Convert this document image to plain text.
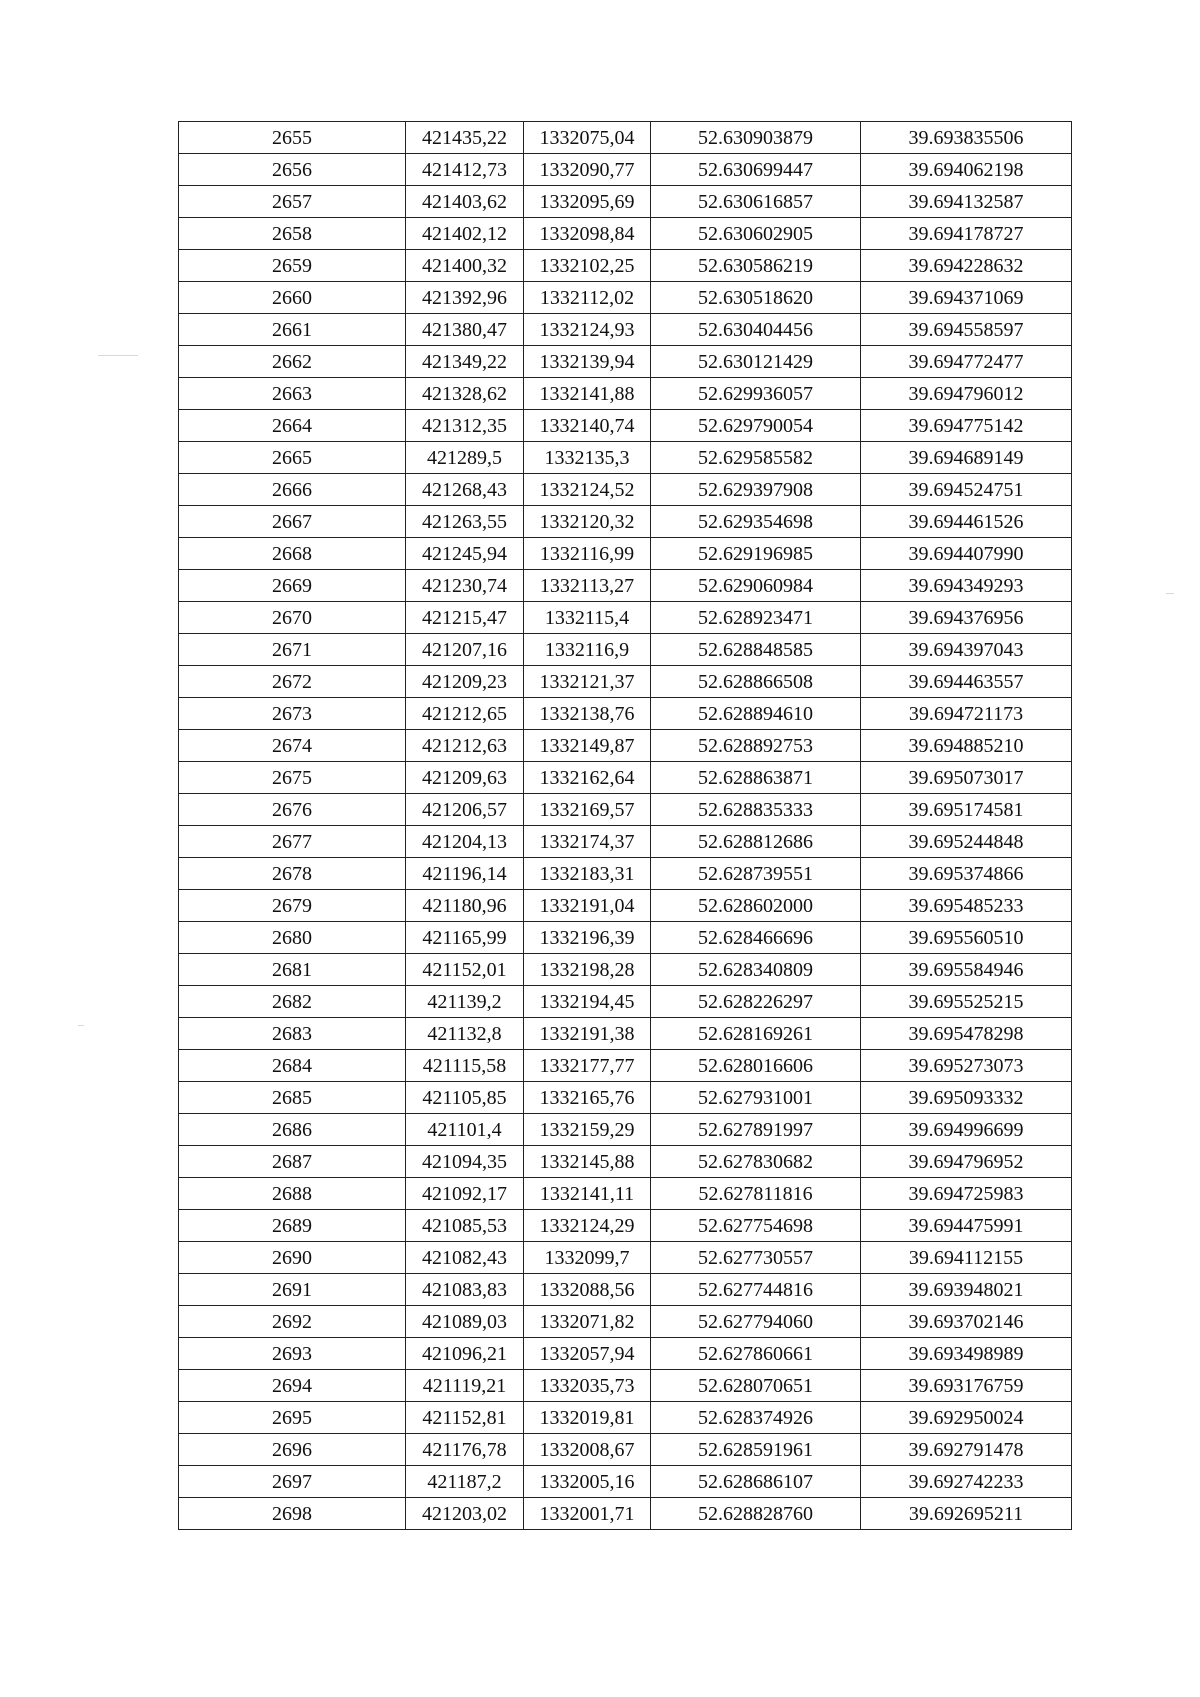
2655	421435,22	1332075,04	52.630903879	39.693835506
2656	421412,73	1332090,77	52.630699447	39.694062198
2657	421403,62	1332095,69	52.630616857	39.694132587
2658	421402,12	1332098,84	52.630602905	39.694178727
2659	421400,32	1332102,25	52.630586219	39.694228632
2660	421392,96	1332112,02	52.630518620	39.694371069
2661	421380,47	1332124,93	52.630404456	39.694558597
2662	421349,22	1332139,94	52.630121429	39.694772477
2663	421328,62	1332141,88	52.629936057	39.694796012
2664	421312,35	1332140,74	52.629790054	39.694775142
2665	421289,5	1332135,3	52.629585582	39.694689149
2666	421268,43	1332124,52	52.629397908	39.694524751
2667	421263,55	1332120,32	52.629354698	39.694461526
2668	421245,94	1332116,99	52.629196985	39.694407990
2669	421230,74	1332113,27	52.629060984	39.694349293
2670	421215,47	1332115,4	52.628923471	39.694376956
2671	421207,16	1332116,9	52.628848585	39.694397043
2672	421209,23	1332121,37	52.628866508	39.694463557
2673	421212,65	1332138,76	52.628894610	39.694721173
2674	421212,63	1332149,87	52.628892753	39.694885210
2675	421209,63	1332162,64	52.628863871	39.695073017
2676	421206,57	1332169,57	52.628835333	39.695174581
2677	421204,13	1332174,37	52.628812686	39.695244848
2678	421196,14	1332183,31	52.628739551	39.695374866
2679	421180,96	1332191,04	52.628602000	39.695485233
2680	421165,99	1332196,39	52.628466696	39.695560510
2681	421152,01	1332198,28	52.628340809	39.695584946
2682	421139,2	1332194,45	52.628226297	39.695525215
2683	421132,8	1332191,38	52.628169261	39.695478298
2684	421115,58	1332177,77	52.628016606	39.695273073
2685	421105,85	1332165,76	52.627931001	39.695093332
2686	421101,4	1332159,29	52.627891997	39.694996699
2687	421094,35	1332145,88	52.627830682	39.694796952
2688	421092,17	1332141,11	52.627811816	39.694725983
2689	421085,53	1332124,29	52.627754698	39.694475991
2690	421082,43	1332099,7	52.627730557	39.694112155
2691	421083,83	1332088,56	52.627744816	39.693948021
2692	421089,03	1332071,82	52.627794060	39.693702146
2693	421096,21	1332057,94	52.627860661	39.693498989
2694	421119,21	1332035,73	52.628070651	39.693176759
2695	421152,81	1332019,81	52.628374926	39.692950024
2696	421176,78	1332008,67	52.628591961	39.692791478
2697	421187,2	1332005,16	52.628686107	39.692742233
2698	421203,02	1332001,71	52.628828760	39.692695211
